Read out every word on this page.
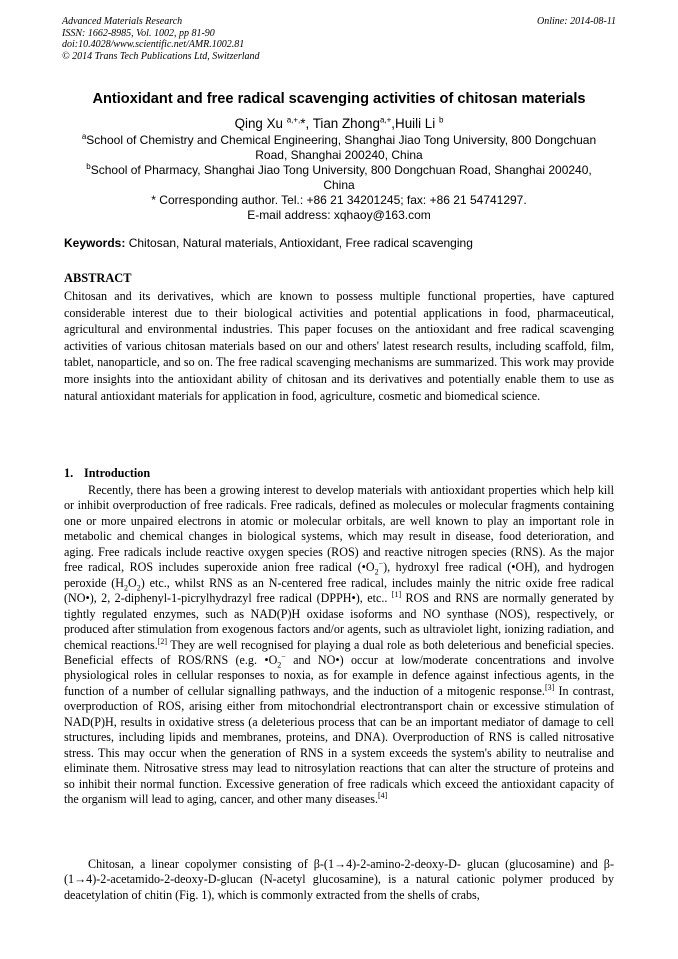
Advanced Materials Research
ISSN: 1662-8985, Vol. 1002, pp 81-90
doi:10.4028/www.scientific.net/AMR.1002.81
© 2014 Trans Tech Publications Ltd, Switzerland
Online: 2014-08-11
Antioxidant and free radical scavenging activities of chitosan materials
Qing Xu $^{a,+,}$*, Tian Zhong$^{a,+}$,Huili Li $^b$
$^a$School of Chemistry and Chemical Engineering, Shanghai Jiao Tong University, 800 Dongchuan
Road, Shanghai 200240, China
$^b$School of Pharmacy, Shanghai Jiao Tong University, 800 Dongchuan Road, Shanghai 200240,
China
* Corresponding author. Tel.: +86 21 34201245; fax: +86 21 54741297.
E-mail address: xqhaoy@163.com
Keywords: Chitosan, Natural materials, Antioxidant, Free radical scavenging
ABSTRACT

Chitosan and its derivatives, which are known to possess multiple functional properties, have captured considerable interest due to their biological activities and potential applications in food, pharmaceutical, agricultural and environmental industries. This paper focuses on the antioxidant and free radical scavenging activities of various chitosan materials based on our and others' latest research results, including scaffold, film, tablet, nanoparticle, and so on. The free radical scavenging mechanisms are summarized. This work may provide more insights into the antioxidant ability of chitosan and its derivatives and potentially enable them to use as natural antioxidant materials for application in food, agriculture, cosmetic and biomedical science.

1. Introduction

Recently, there has been a growing interest to develop materials with antioxidant properties which help kill or inhibit overproduction of free radicals. Free radicals, defined as molecules or molecular fragments containing one or more unpaired electrons in atomic or molecular orbitals, are well known to play an important role in metabolic and chemical changes in biological systems, which may result in disease, food deterioration, and aging. Free radicals include reactive oxygen species (ROS) and reactive nitrogen species (RNS). As the major free radical, ROS includes superoxide anion free radical $(•O_2^-)$, hydroxyl free radical (•OH), and hydrogen peroxide $(H_2O_2)$ etc., whilst RNS as an N-centered free radical, includes mainly the nitric oxide free radical (NO•), 2, 2-diphenyl-1-picrylhydrazyl free radical (DPPH•), etc.. [1] ROS and RNS are normally generated by tightly regulated enzymes, such as NAD(P)H oxidase isoforms and NO synthase (NOS), respectively, or produced after stimulation from exogenous factors and/or agents, such as ultraviolet light, ionizing radiation, and chemical reactions.[2] They are well recognised for playing a dual role as both deleterious and beneficial species. Beneficial effects of ROS/RNS (e.g. $•O_2^-$ and NO•) occur at low/moderate concentrations and involve physiological roles in cellular responses to noxia, as for example in defence against infectious agents, in the function of a number of cellular signalling pathways, and the induction of a mitogenic response.[3] In contrast, overproduction of ROS, arising either from mitochondrial electrontransport chain or excessive stimulation of NAD(P)H, results in oxidative stress (a deleterious process that can be an important mediator of damage to cell structures, including lipids and membranes, proteins, and DNA). Overproduction of RNS is called nitrosative stress. This may occur when the generation of RNS in a system exceeds the system's ability to neutralise and eliminate them. Nitrosative stress may lead to nitrosylation reactions that can alter the structure of proteins and so inhibit their normal function. Excessive generation of free radicals which exceed the antioxidant capacity of the organism will lead to aging, cancer, and other many diseases.[4]

Chitosan, a linear copolymer consisting of β-(1→4)-2-amino-2-deoxy-D- glucan (glucosamine) and β-(1→4)-2-acetamido-2-deoxy-D-glucan (N-acetyl glucosamine), is a natural cationic polymer produced by deacetylation of chitin (Fig. 1), which is commonly extracted from the shells of crabs,
